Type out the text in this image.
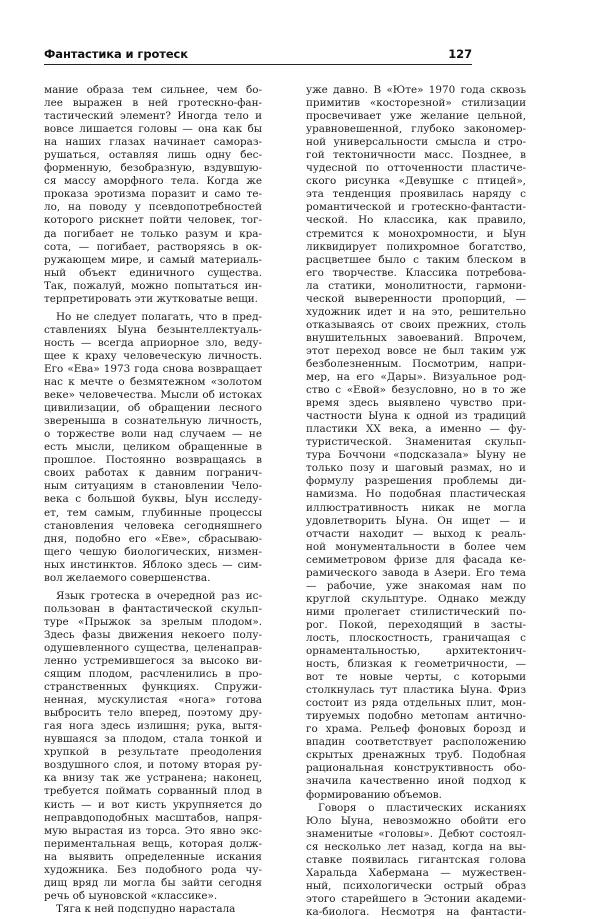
Фантастика и гротеск	127
мание образа тем сильнее, чем бо-
лее выражен в ней гротескно-фан-
тастический элемент? Иногда тело и
вовсе лишается головы — она как бы
на наших глазах начинает самораз-
рушаться, оставляя лишь одну бес-
форменную, безобразную, вздувшую-
ся массу аморфного тела. Когда же
проказа эротизма поразит и само те-
ло, на поводу у псевдопотребностей
которого рискнет пойти человек, тог-
да погибает не только разум и кра-
сота, — погибает, растворяясь в ок-
ружающем мире, и самый материаль-
ный объект единичного существа.
Так, пожалуй, можно попытаться ин-
терпретировать эти жутковатые вещи.
Но не следует полагать, что в пред-
ставлениях Ыуна безынтеллектуаль-
ность — всегда априорное зло, веду-
щее к краху человеческую личность.
Его «Ева» 1973 года снова возвращает
нас к мечте о безмятежном «золотом
веке» человечества. Мысли об истоках
цивилизации, об обращении лесного
звереныша в сознательную личность,
о торжестве воли над случаем — не
есть мысли, целиком обращенные в
прошлое. Постоянно возвращаясь в
своих работах к давним погранич-
ным ситуациям в становлении Чело-
века с большой буквы, Ыун исследу-
ет, тем самым, глубинные процессы
становления человека сегодняшнего
дня, подобно его «Еве», сбрасываю-
щего чешую биологических, низмен-
ных инстинктов. Яблоко здесь — сим-
вол желаемого совершенства.
Язык гротеска в очередной раз ис-
пользован в фантастической скульп-
туре «Прыжок за зрелым плодом».
Здесь фазы движения некоего полу-
одушевленного существа, целенаправ-
ленно устремившегося за высоко ви-
сящим плодом, расчленились в про-
странственных функциях. Спружи-
ненная, мускулистая «нога» готова
выбросить тело вперед, поэтому дру-
гая нога здесь излишня; рука, вытя-
нувшаяся за плодом, стала тонкой и
хрупкой в результате преодоления
воздушного слоя, и потому вторая ру-
ка внизу так же устранена; наконец,
требуется поймать сорванный плод в
кисть — и вот кисть укрупняется до
неправдоподобных масштабов, напря-
мую вырастая из торса. Это явно экс-
периментальная вещь, которая долж-
на выявить определенные искания
художника. Без подобного рода чу-
дищ вряд ли могла бы зайти сегодня
речь об ыуновской «классике».
Тяга к ней подспудно нарастала
уже давно. В «Юте» 1970 года сквозь
примитив «косторезной» стилизации
просвечивает уже желание цельной,
уравновешенной, глубоко закономер-
ной универсальности смысла и стро-
гой тектоничности масс. Позднее, в
чудесной по отточенности пластиче-
ского рисунка «Девушке с птицей»,
эта тенденция проявилась наряду с
романтической и гротескно-фантасти-
ческой. Но классика, как правило,
стремится к монохромности, и Ыун
ликвидирует полихромное богатство,
расцветшее было с таким блеском в
его творчестве. Классика потребова-
ла статики, монолитности, гармони-
ческой выверенности пропорций, —
художник идет и на это, решительно
отказываясь от своих прежних, столь
внушительных завоеваний. Впрочем,
этот переход вовсе не был таким уж
безболезненным. Посмотрим, напри-
мер, на его «Дары». Визуальное род-
ство с «Евой» безусловно, но в то же
время здесь выявлено чувство при-
частности Ыуна к одной из традиций
пластики XX века, а именно — фу-
туристической. Знаменитая скульп-
тура Боччони «подсказала» Ыуну не
только позу и шаговый размах, но и
формулу разрешения проблемы ди-
намизма. Но подобная пластическая
иллюстративность никак не могла
удовлетворить Ыуна. Он ищет — и
отчасти находит — выход к реаль-
ной монументальности в более чем
семиметровом фризе для фасада ке-
рамического завода в Азери. Его тема
— рабочие, уже знакомая нам по
круглой скульптуре. Однако между
ними пролегает стилистический по-
рог. Покой, переходящий в засты-
лость, плоскостность, граничащая с
орнаментальностью, архитектонич-
ность, близкая к геометричности, —
вот те новые черты, с которыми
столкнулась тут пластика Ыуна. Фриз
состоит из ряда отдельных плит, мон-
тируемых подобно метопам античнo-
го храма. Рельеф фоновых борозд и
впадин соответствует расположению
скрытых дренажных труб. Подобная
рациональная конструктивность обо-
значила качественно иной подход к
формированию объемов.
Говоря о пластических исканиях
Юло Ыуна, невозможно обойти его
знаменитые «головы». Дебют состоял-
ся несколько лет назад, когда на вы-
ставке появилась гигантская голова
Харальда Хабермана — мужествен-
ный, психологически острый образ
этого старейшего в Эстонии академи-
ка-биолога. Несмотря на фантасти-
